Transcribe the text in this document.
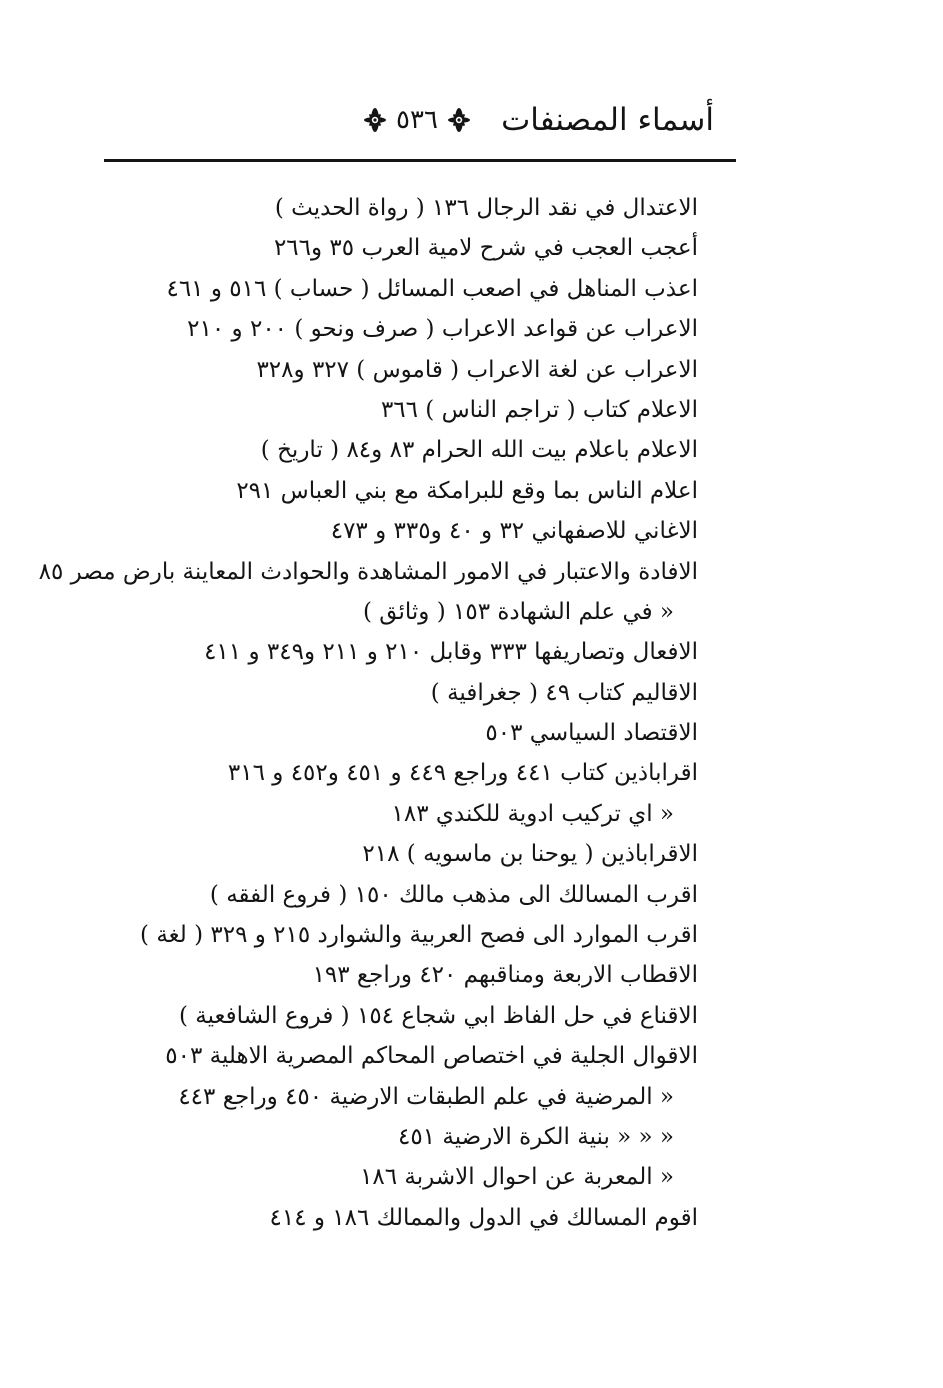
أسماء المصنفات
٥٣٦
الاعتدال في نقد الرجال ١٣٦ ( رواة الحديث )
أعجب العجب في شرح لامية العرب ٣٥ و٢٦٦
اعذب المناهل في اصعب المسائل ( حساب ) ٥١٦ و ٤٦١
الاعراب عن قواعد الاعراب ( صرف ونحو ) ٢٠٠ و ٢١٠
الاعراب عن لغة الاعراب ( قاموس ) ٣٢٧ و٣٢٨
الاعلام كتاب ( تراجم الناس ) ٣٦٦
الاعلام باعلام بيت الله الحرام ٨٣ و٨٤ ( تاريخ )
اعلام الناس بما وقع للبرامكة مع بني العباس ٢٩١
الاغاني للاصفهاني ٣٢ و ٤٠ و٣٣٥ و ٤٧٣
الافادة والاعتبار في الامور المشاهدة والحوادث المعاينة بارض مصر ٨٥
« في علم الشهادة ١٥٣ ( وثائق )
الافعال وتصاريفها ٣٣٣ وقابل ٢١٠ و ٢١١ و٣٤٩ و ٤١١
الاقاليم كتاب ٤٩ ( جغرافية )
الاقتصاد السياسي ٥٠٣
اقراباذين كتاب ٤٤١ وراجع ٤٤٩ و ٤٥١ و٤٥٢ و ٣١٦
« اي تركيب ادوية للكندي ١٨٣
الاقراباذين ( يوحنا بن ماسويه ) ٢١٨
اقرب المسالك الى مذهب مالك ١٥٠ ( فروع الفقه )
اقرب الموارد الى فصح العربية والشوارد ٢١٥ و ٣٢٩ ( لغة )
الاقطاب الاربعة ومناقبهم ٤٢٠ وراجع ١٩٣
الاقناع في حل الفاظ ابي شجاع ١٥٤ ( فروع الشافعية )
الاقوال الجلية في اختصاص المحاكم المصرية الاهلية ٥٠٣
« المرضية في علم الطبقات الارضية ٤٥٠ وراجع ٤٤٣
« « « بنية الكرة الارضية ٤٥١
« المعربة عن احوال الاشربة ١٨٦
اقوم المسالك في الدول والممالك ١٨٦ و ٤١٤
